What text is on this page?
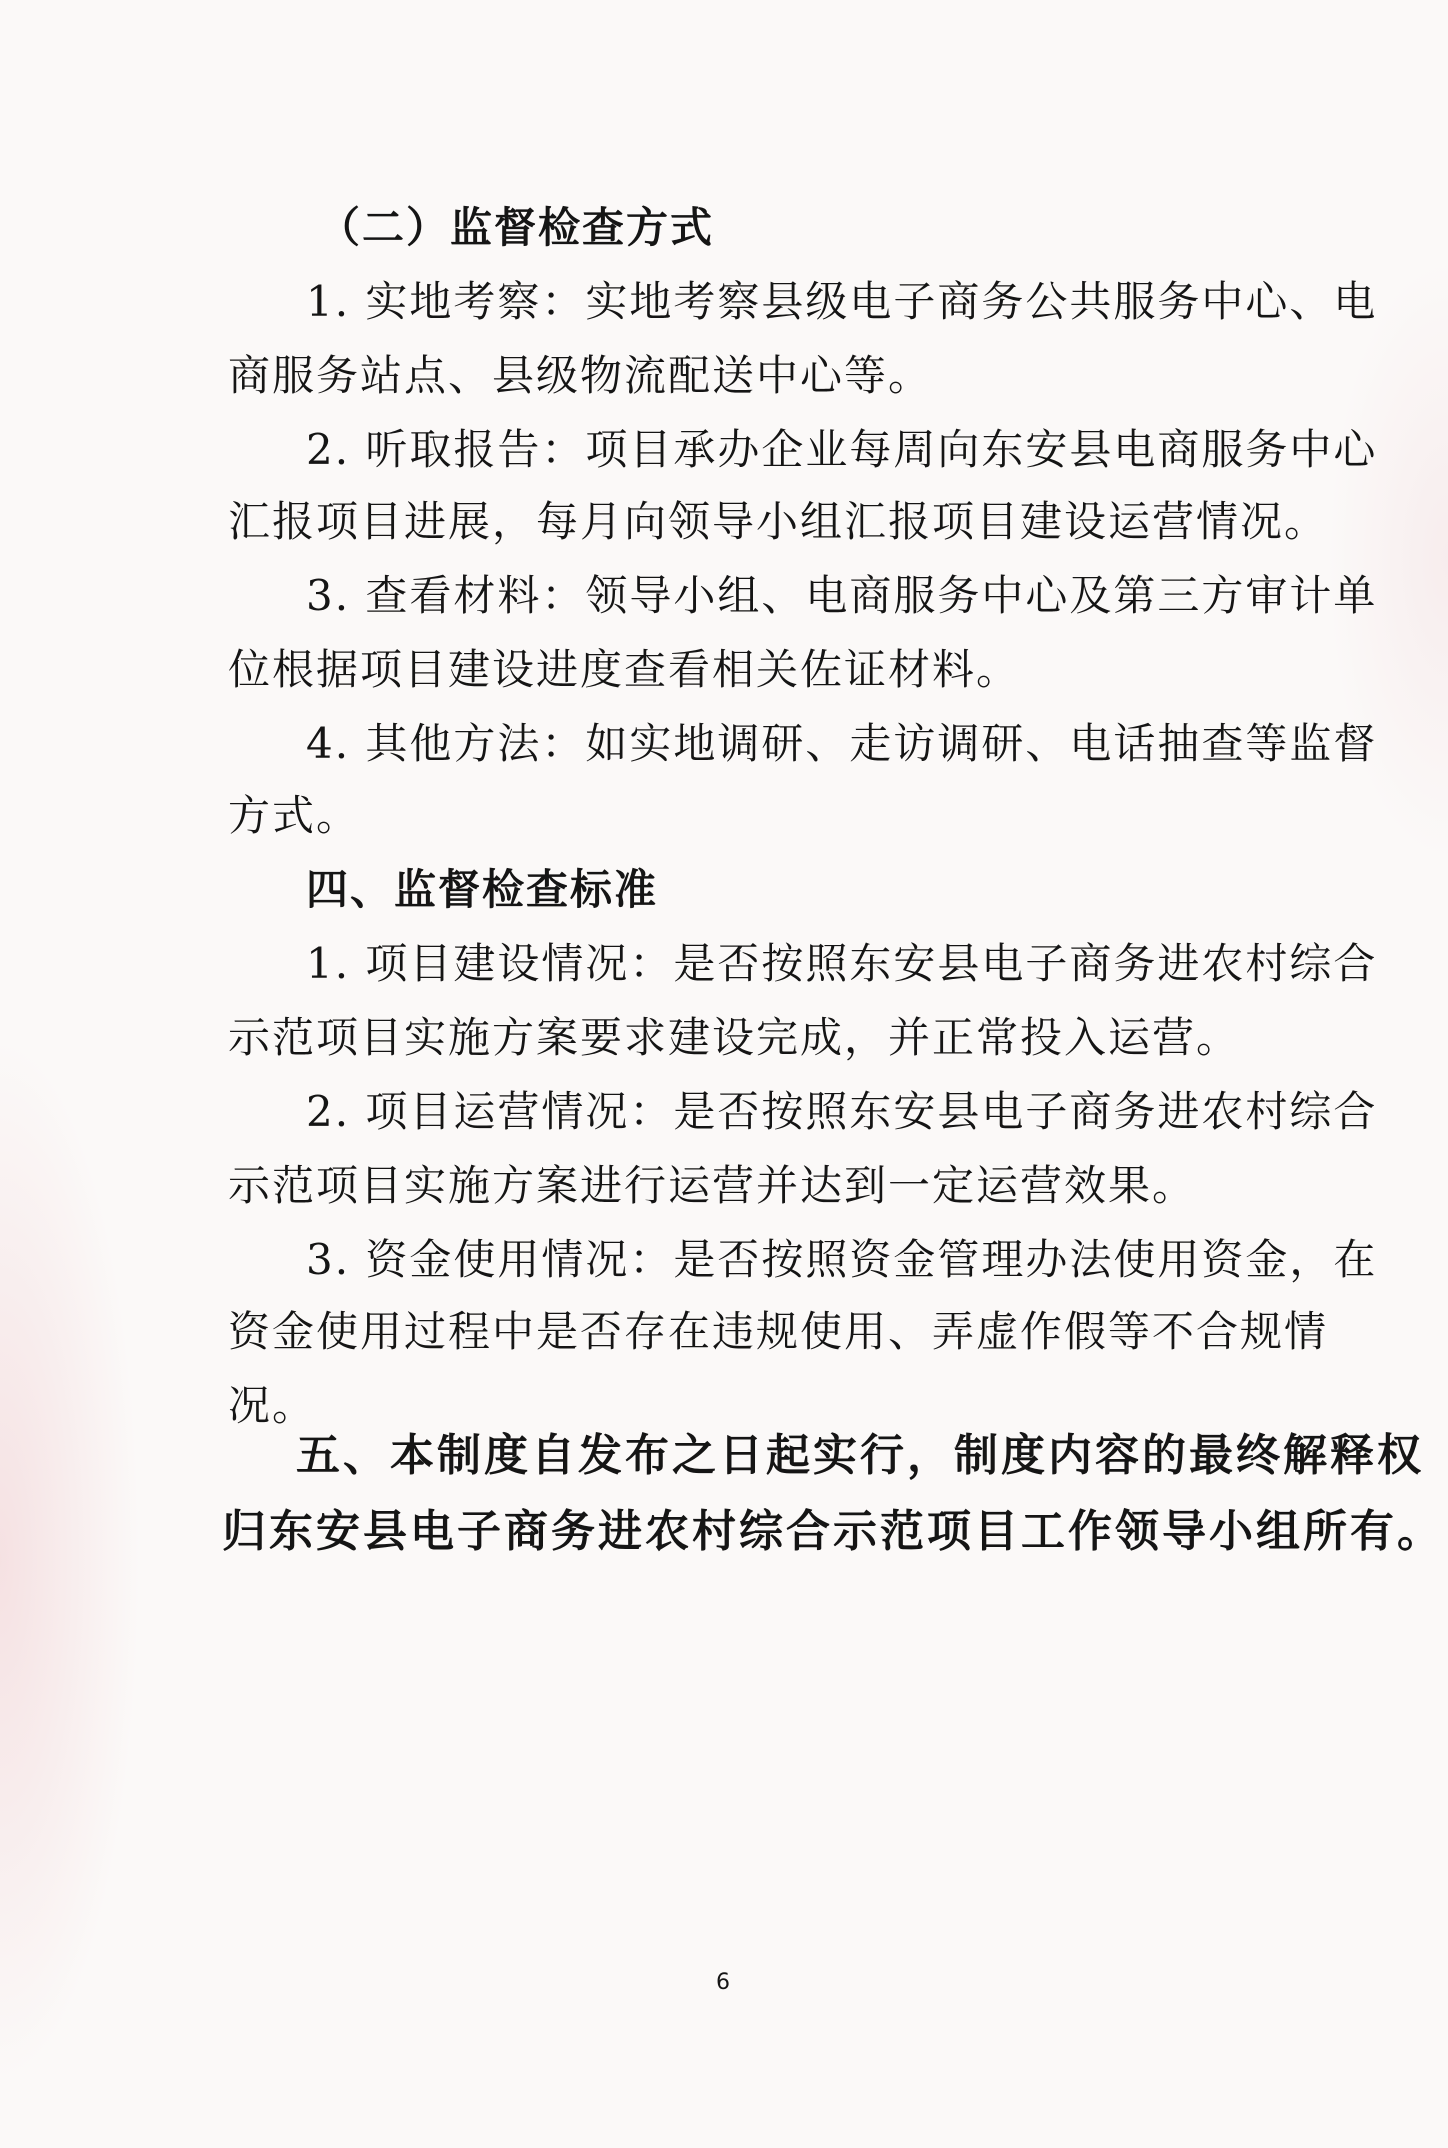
（二）监督检查方式
1. 实地考察：实地考察县级电子商务公共服务中心、电
商服务站点、县级物流配送中心等。
2. 听取报告：项目承办企业每周向东安县电商服务中心
汇报项目进展，每月向领导小组汇报项目建设运营情况。
3. 查看材料：领导小组、电商服务中心及第三方审计单
位根据项目建设进度查看相关佐证材料。
4. 其他方法：如实地调研、走访调研、电话抽查等监督
方式。
四、监督检查标准
1. 项目建设情况：是否按照东安县电子商务进农村综合
示范项目实施方案要求建设完成，并正常投入运营。
2. 项目运营情况：是否按照东安县电子商务进农村综合
示范项目实施方案进行运营并达到一定运营效果。
3. 资金使用情况：是否按照资金管理办法使用资金，在
资金使用过程中是否存在违规使用、弄虚作假等不合规情
况。
五、本制度自发布之日起实行，制度内容的最终解释权
归东安县电子商务进农村综合示范项目工作领导小组所有。
6
